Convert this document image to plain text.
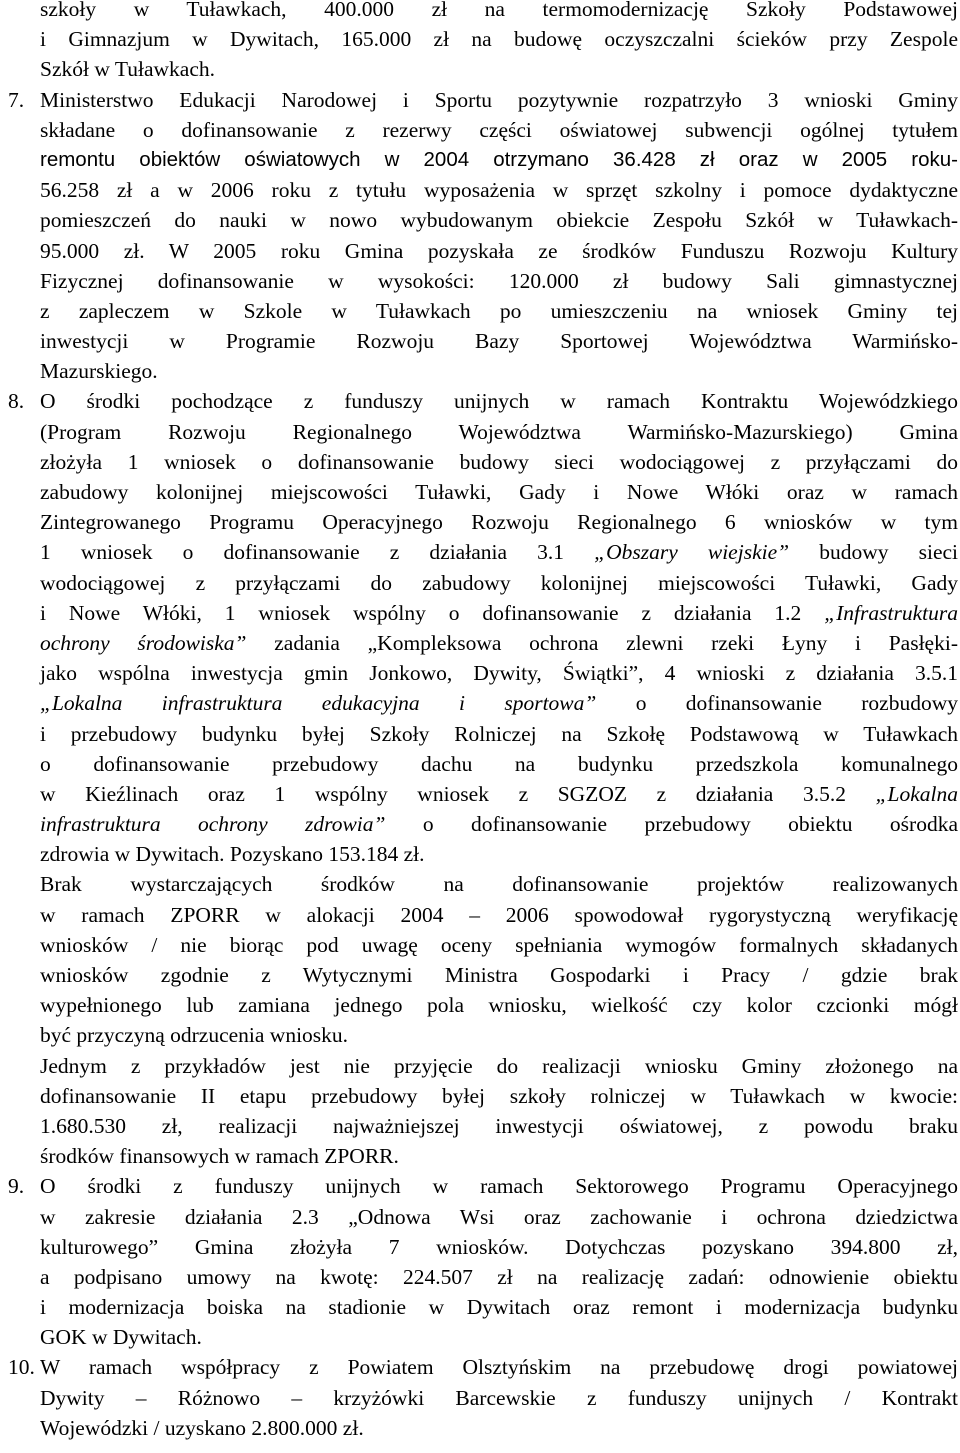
szkoły w Tuławkach, 400.000 zł na termomodernizację Szkoły Podstawowej
i Gimnazjum w Dywitach, 165.000 zł na budowę oczyszczalni ścieków przy Zespole
Szkół w Tuławkach.
7. Ministerstwo Edukacji Narodowej i Sportu pozytywnie rozpatrzyło 3 wnioski Gminy
składane o dofinansowanie z rezerwy części oświatowej subwencji ogólnej tytułem
remontu obiektów oświatowych w 2004 otrzymano 36.428 zł oraz w 2005 roku-
56.258 zł a w 2006 roku z tytułu wyposażenia w sprzęt szkolny i pomoce dydaktyczne
pomieszczeń do nauki w nowo wybudowanym obiekcie Zespołu Szkół w Tuławkach-
95.000 zł. W 2005 roku Gmina pozyskała ze środków Funduszu Rozwoju Kultury
Fizycznej dofinansowanie w wysokości: 120.000 zł budowy Sali gimnastycznej
z zapleczem w Szkole w Tuławkach po umieszczeniu na wniosek Gminy tej
inwestycji w Programie Rozwoju Bazy Sportowej Województwa Warmińsko-
Mazurskiego.
8. O środki pochodzące z funduszy unijnych w ramach Kontraktu Wojewódzkiego
(Program Rozwoju Regionalnego Województwa Warmińsko-Mazurskiego) Gmina
złożyła 1 wniosek o dofinansowanie budowy sieci wodociągowej z przyłączami do
zabudowy kolonijnej miejscowości Tuławki, Gady i Nowe Włóki oraz w ramach
Zintegrowanego Programu Operacyjnego Rozwoju Regionalnego 6 wniosków w tym
1 wniosek o dofinansowanie z działania 3.1 „Obszary wiejskie” budowy sieci
wodociągowej z przyłączami do zabudowy kolonijnej miejscowości Tuławki, Gady
i Nowe Włóki, 1 wniosek wspólny o dofinansowanie z działania 1.2 „Infrastruktura
ochrony środowiska” zadania „Kompleksowa ochrona zlewni rzeki Łyny i Pasłęki-
jako wspólna inwestycja gmin Jonkowo, Dywity, Świątki”, 4 wnioski z działania 3.5.1
„Lokalna infrastruktura edukacyjna i sportowa” o dofinansowanie rozbudowy
i przebudowy budynku byłej Szkoły Rolniczej na Szkołę Podstawową w Tuławkach
o dofinansowanie przebudowy dachu na budynku przedszkola komunalnego
w Kieźlinach oraz 1 wspólny wniosek z SGZOZ z działania 3.5.2 „Lokalna
infrastruktura ochrony zdrowia” o dofinansowanie przebudowy obiektu ośrodka
zdrowia w Dywitach. Pozyskano 153.184 zł.
Brak wystarczających środków na dofinansowanie projektów realizowanych
w ramach ZPORR w alokacji 2004 – 2006 spowodował rygorystyczną weryfikację
wniosków / nie biorąc pod uwagę oceny spełniania wymogów formalnych składanych
wniosków zgodnie z Wytycznymi Ministra Gospodarki i Pracy / gdzie brak
wypełnionego lub zamiana jednego pola wniosku, wielkość czy kolor czcionki mógł
być przyczyną odrzucenia wniosku.
Jednym z przykładów jest nie przyjęcie do realizacji wniosku Gminy złożonego na
dofinansowanie II etapu przebudowy byłej szkoły rolniczej w Tuławkach w kwocie:
1.680.530 zł, realizacji najważniejszej inwestycji oświatowej, z powodu braku
środków finansowych w ramach ZPORR.
9. O środki z funduszy unijnych w ramach Sektorowego Programu Operacyjnego
w zakresie działania 2.3 „Odnowa Wsi oraz zachowanie i ochrona dziedzictwa
kulturowego” Gmina złożyła 7 wniosków. Dotychczas pozyskano 394.800 zł,
a podpisano umowy na kwotę: 224.507 zł na realizację zadań: odnowienie obiektu
i modernizacja boiska na stadionie w Dywitach oraz remont i modernizacja budynku
GOK w Dywitach.
10. W ramach współpracy z Powiatem Olsztyńskim na przebudowę drogi powiatowej
Dywity – Różnowo – krzyżówki Barcewskie z funduszy unijnych / Kontrakt
Wojewódzki / uzyskano 2.800.000 zł.
